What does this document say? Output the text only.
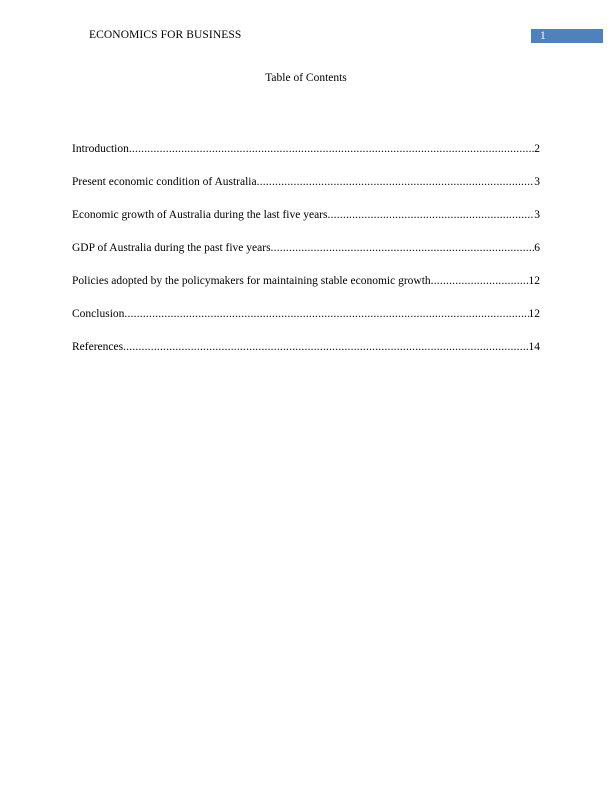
ECONOMICS FOR BUSINESS	1
Table of Contents
Introduction .....	2
Present economic condition of Australia .....	3
Economic growth of Australia during the last five years .....	3
GDP of Australia during the past five years .....	6
Policies adopted by the policymakers for maintaining stable economic growth .....	12
Conclusion .....	12
References .....	14
